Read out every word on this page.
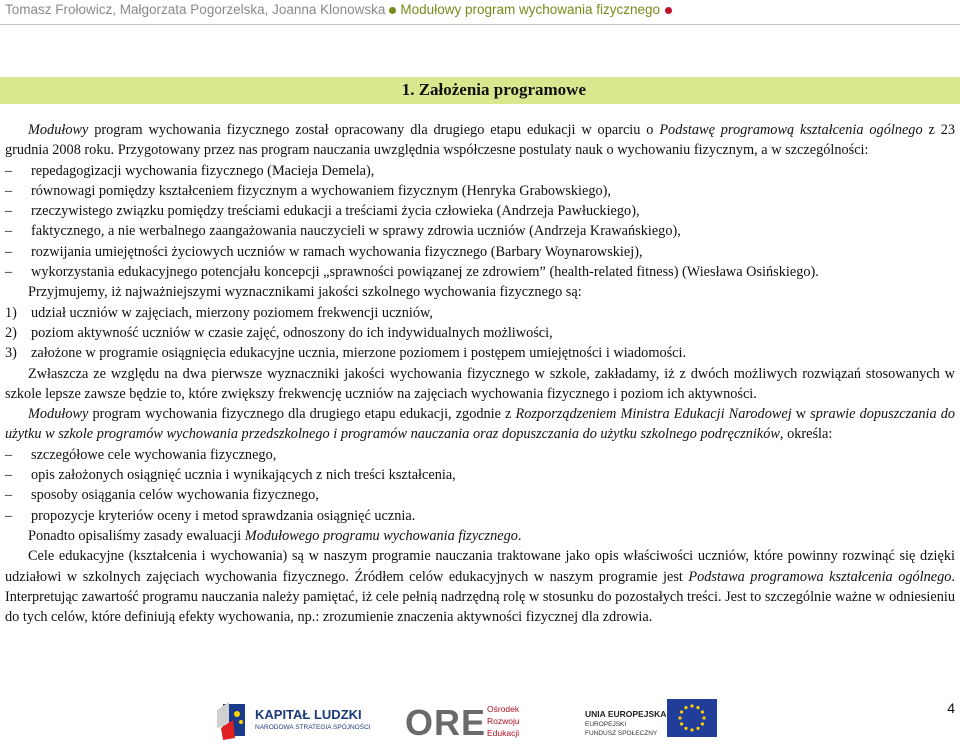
Tomasz Frołowicz, Małgorzata Pogorzelska, Joanna Klonowska Modułowy program wychowania fizycznego
1. Założenia programowe

Modułowy program wychowania fizycznego został opracowany dla drugiego etapu edukacji w oparciu o Podstawę programową kształcenia ogólnego z 23 grudnia 2008 roku. Przygotowany przez nas program nauczania uwzględnia współczesne postulaty nauk o wychowaniu fizycznym, a w szczególności:

– repedagogizacji wychowania fizycznego (Macieja Demela),

– równowagi pomiędzy kształceniem fizycznym a wychowaniem fizycznym (Henryka Grabowskiego),

– rzeczywistego związku pomiędzy treściami edukacji a treściami życia człowieka (Andrzeja Pawłuckiego),

– faktycznego, a nie werbalnego zaangażowania nauczycieli w sprawy zdrowia uczniów (Andrzeja Krawańskiego),

– rozwijania umiejętności życiowych uczniów w ramach wychowania fizycznego (Barbary Woynarowskiej),

– wykorzystania edukacyjnego potencjału koncepcji „sprawności powiązanej ze zdrowiem” (health-related fitness) (Wiesława Osińskiego).

Przyjmujemy, iż najważniejszymi wyznacznikami jakości szkolnego wychowania fizycznego są:

1) udział uczniów w zajęciach, mierzony poziomem frekwencji uczniów,

2) poziom aktywność uczniów w czasie zajęć, odnoszony do ich indywidualnych możliwości,

3) założone w programie osiągnięcia edukacyjne ucznia, mierzone poziomem i postępem umiejętności i wiadomości.

Zwłaszcza ze względu na dwa pierwsze wyznaczniki jakości wychowania fizycznego w szkole, zakładamy, iż z dwóch możliwych rozwiązań stosowanych w szkole lepsze zawsze będzie to, które zwiększy frekwencję uczniów na zajęciach wychowania fizycznego i poziom ich aktywności.

Modułowy program wychowania fizycznego dla drugiego etapu edukacji, zgodnie z Rozporządzeniem Ministra Edukacji Narodowej w sprawie dopuszczania do użytku w szkole programów wychowania przedszkolnego i programów nauczania oraz dopuszczania do użytku szkolnego podręczników, określa:

– szczegółowe cele wychowania fizycznego,

– opis założonych osiągnięć ucznia i wynikających z nich treści kształcenia,

– sposoby osiągania celów wychowania fizycznego,

– propozycje kryteriów oceny i metod sprawdzania osiągnięć ucznia.

Ponadto opisaliśmy zasady ewaluacji Modułowego programu wychowania fizycznego.

Cele edukacyjne (kształcenia i wychowania) są w naszym programie nauczania traktowane jako opis właściwości uczniów, które powinny rozwinąć się dzięki udziałowi w szkolnych zajęciach wychowania fizycznego. Źródłem celów edukacyjnych w naszym programie jest Podstawa programowa kształcenia ogólnego. Interpretując zawartość programu nauczania należy pamiętać, iż cele pełnią nadrzędną rolę w stosunku do pozostałych treści. Jest to szczególnie ważne w odniesieniu do tych celów, które definiują efekty wychowania, np.: zrozumienie znaczenia aktywności fizycznej dla zdrowia.

KAPITAŁ LUDZKI
NARODOWA STRATEGIA SPÓJNOŚCI ORE Ośrodek
Rozwoju
Edukacji
UNIA EUROPEJSKA
EUROPEJSKI
FUNDUSZ SPOŁECZNY
4
